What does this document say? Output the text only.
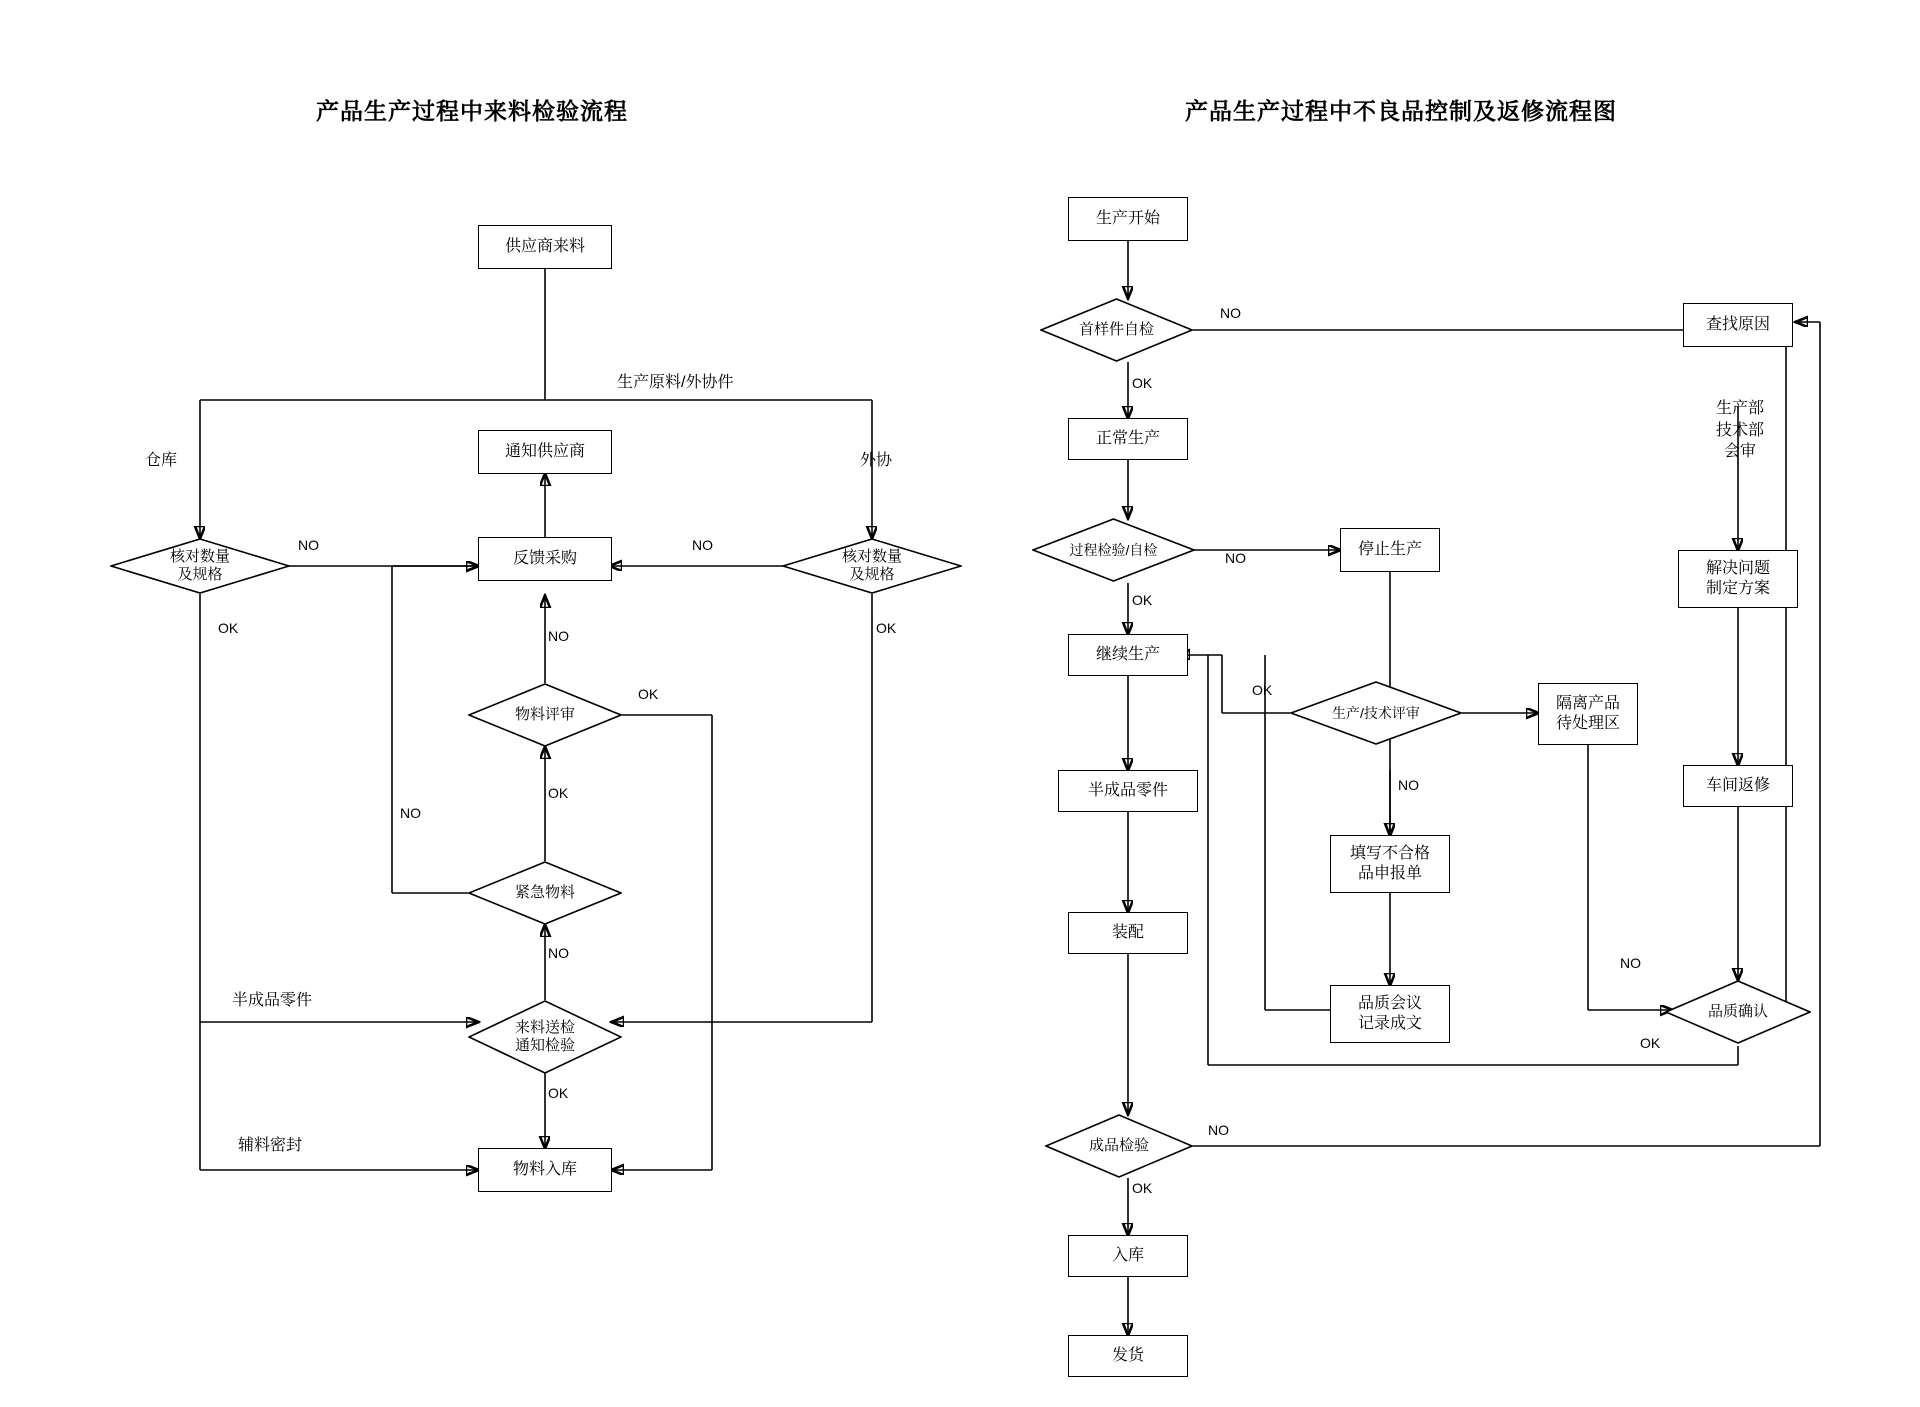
产品生产过程中来料检验流程	产品生产过程中不良品控制及返修流程图
供应商来料
通知供应商
反馈采购
核对数量
及规格
核对数量
及规格
物料评审
紧急物料
来料送检
通知检验
物料入库
仓库	外协
生产原料/外协件
半成品零件
辅料密封
NO	NO
OK	OK
NO
OK
OK
NO
NO
OK
生产开始
首样件自检
正常生产
过程检验/自检	停止生产
继续生产
生产/技术评审
隔离产品
待处理区
半成品零件
填写不合格
品申报单
装配
品质会议
记录成文
成品检验
入库
发货
查找原因
生产部
技术部
会审
解决问题
制定方案
车间返修
品质确认
NO
OK
NO
OK
OK
NO
OK
NO
NO
OK
